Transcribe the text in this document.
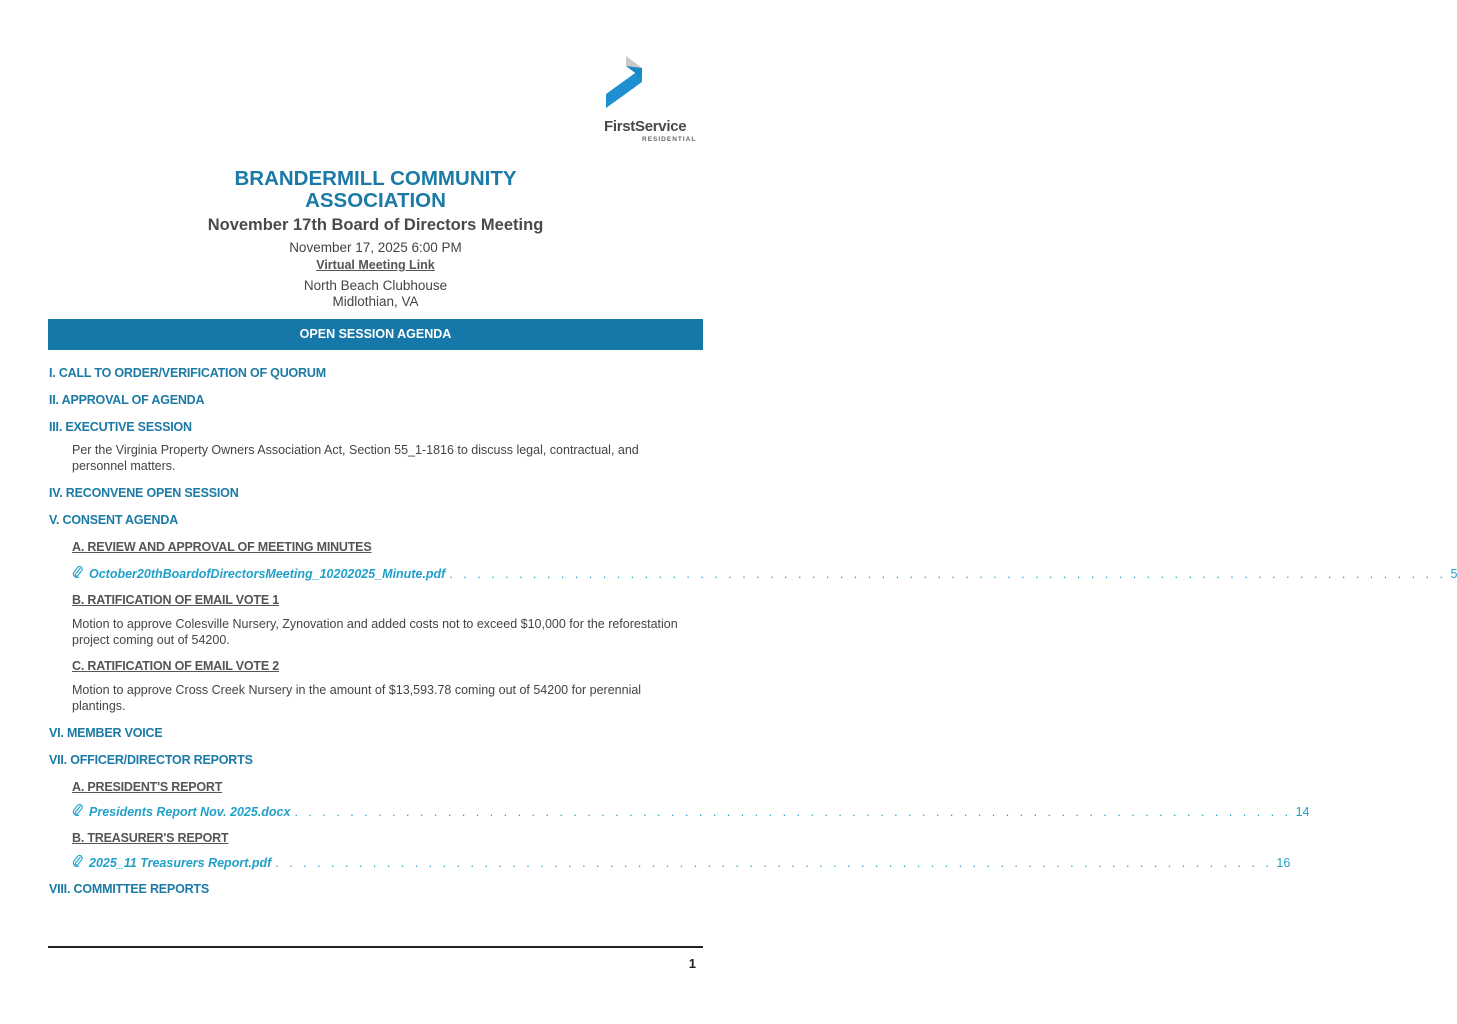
FirstService
RESIDENTIAL
BRANDERMILL COMMUNITY
ASSOCIATION
November 17th Board of Directors Meeting
November 17, 2025 6:00 PM
Virtual Meeting Link
North Beach Clubhouse
Midlothian, VA
OPEN SESSION AGENDA
I. CALL TO ORDER/VERIFICATION OF QUORUM
II. APPROVAL OF AGENDA
III. EXECUTIVE SESSION
Per the Virginia Property Owners Association Act, Section 55_1-1816 to discuss legal, contractual, and personnel matters.
IV. RECONVENE OPEN SESSION
V. CONSENT AGENDA
A. REVIEW AND APPROVAL OF MEETING MINUTES
October20thBoardofDirectorsMeeting_10202025_Minute.pdf . . . . . . . . . . . . . . . . . . . . . . . . . . . . . . . . . . . . . . . . . . . . . . . . . . . . . . . . . . . . . . . . . . . . . . . . 5
B. RATIFICATION OF EMAIL VOTE 1
Motion to approve Colesville Nursery, Zynovation and added costs not to exceed $10,000 for the reforestation project coming out of 54200.
C. RATIFICATION OF EMAIL VOTE 2
Motion to approve Cross Creek Nursery in the amount of $13,593.78 coming out of 54200 for perennial plantings.
VI. MEMBER VOICE
VII. OFFICER/DIRECTOR REPORTS
A. PRESIDENT'S REPORT
Presidents Report Nov. 2025.docx . . . . . . . . . . . . . . . . . . . . . . . . . . . . . . . . . . . . . . . . . . . . . . . . . . . . . . . . . . . . . . . . . . . . . . . . 14
B. TREASURER'S REPORT
2025_11 Treasurers Report.pdf . . . . . . . . . . . . . . . . . . . . . . . . . . . . . . . . . . . . . . . . . . . . . . . . . . . . . . . . . . . . . . . . . . . . . . . . 16
VIII. COMMITTEE REPORTS
1
